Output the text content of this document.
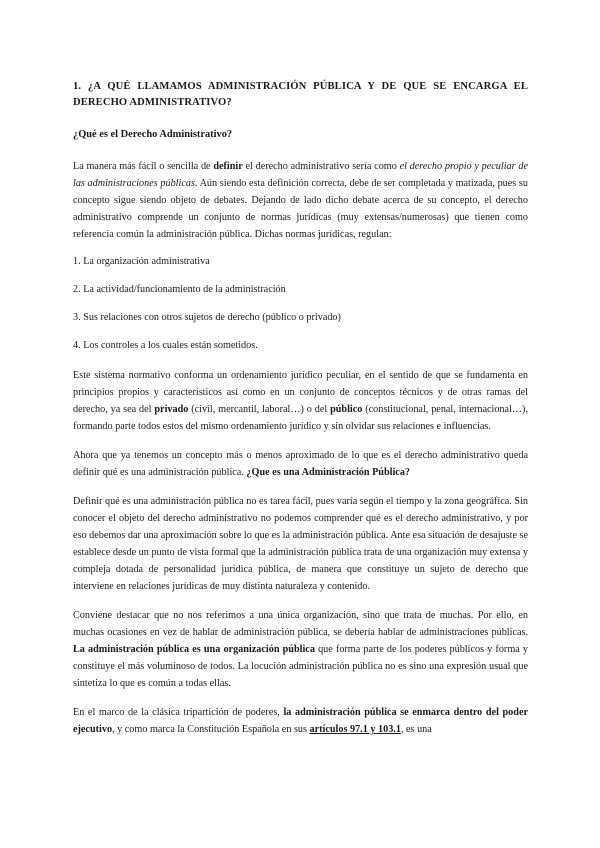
1. ¿A QUÉ LLAMAMOS ADMINISTRACIÓN PÚBLICA Y DE QUE SE ENCARGA EL DERECHO ADMINISTRATIVO?
¿Qué es el Derecho Administrativo?

La manera más fácil o sencilla de definir el derecho administrativo sería como el derecho propio y peculiar de las administraciones públicas. Aún siendo esta definición correcta, debe de ser completada y matizada, pues su concepto sigue siendo objeto de debates. Dejando de lado dicho debate acerca de su concepto, el derecho administrativo comprende un conjunto de normas jurídicas (muy extensas/numerosas) que tienen como referencia común la administración pública. Dichas normas jurídicas, regulan:

1. La organización administrativa

2. La actividad/funcionamiento de la administración

3. Sus relaciones con otros sujetos de derecho (público o privado)

4. Los controles a los cuales están sometidos.

Este sistema normativo conforma un ordenamiento jurídico peculiar, en el sentido de que se fundamenta en principios propios y característicos así como en un conjunto de conceptos técnicos y de otras ramas del derecho, ya sea del privado (civil, mercantil, laboral…) o del público (constitucional, penal, internacional…), formando parte todos estos del mismo ordenamiento jurídico y sin olvidar sus relaciones e influencias.

Ahora que ya tenemos un concepto más o menos aproximado de lo que es el derecho administrativo queda definir qué es una administración pública. ¿Que es una Administración Pública?

Definir qué es una administración pública no es tarea fácil, pues varía según el tiempo y la zona geográfica. Sin conocer el objeto del derecho administrativo no podemos comprender qué es el derecho administrativo, y por eso debemos dar una aproximación sobre lo que es la administración pública. Ante esa situación de desajuste se establece desde un punto de vista formal que la administración pública trata de una organización muy extensa y compleja dotada de personalidad jurídica pública, de manera que constituye un sujeto de derecho que interviene en relaciones jurídicas de muy distinta naturaleza y contenido.

Conviene destacar que no nos referimos a una única organización, sino que trata de muchas. Por ello, en muchas ocasiones en vez de hablar de administración pública, se debería hablar de administraciones públicas. La administración pública es una organización pública que forma parte de los poderes públicos y forma y constituye el más voluminoso de todos. La locución administración pública no es sino una expresión usual que sintetiza lo que es común a todas ellas.

En el marco de la clásica tripartición de poderes, la administración pública se enmarca dentro del poder ejecutivo, y como marca la Constitución Española en sus artículos 97.1 y 103.1, es una
